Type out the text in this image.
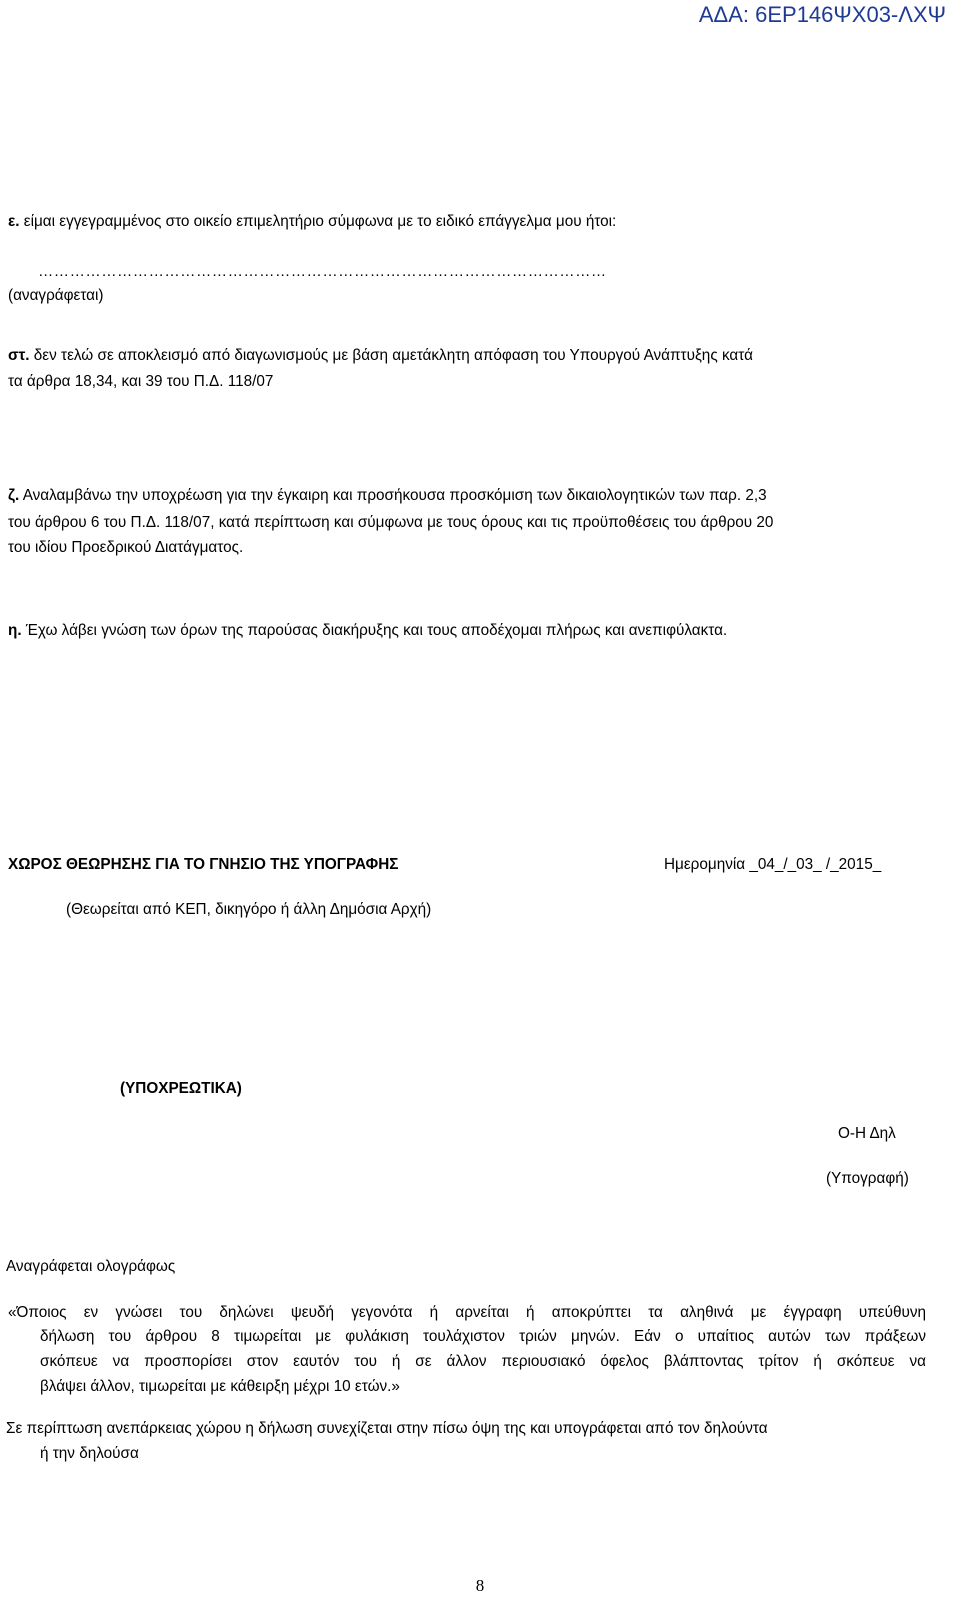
ΑΔΑ: 6ΕΡ146ΨΧ03-ΛΧΨ
ε. είμαι εγγεγραμμένος στο οικείο επιμελητήριο σύμφωνα με το ειδικό επάγγελμα μου ήτοι:
………………………………………………………………………………………………
(αναγράφεται)
στ. δεν τελώ σε αποκλεισμό από διαγωνισμούς με βάση αμετάκλητη απόφαση του Υπουργού Ανάπτυξης κατά
τα άρθρα 18,34, και 39 του Π.Δ. 118/07
ζ. Αναλαμβάνω την υποχρέωση για την έγκαιρη και προσήκουσα προσκόμιση των δικαιολογητικών των παρ. 2,3
του άρθρου 6 του Π.Δ. 118/07, κατά περίπτωση και σύμφωνα με τους όρους και τις προϋποθέσεις του άρθρου 20
του ιδίου Προεδρικού Διατάγματος.
η. Έχω λάβει γνώση των όρων της παρούσας διακήρυξης και τους αποδέχομαι πλήρως και ανεπιφύλακτα.
ΧΩΡΟΣ ΘΕΩΡΗΣΗΣ ΓΙΑ ΤΟ ΓΝΗΣΙΟ ΤΗΣ ΥΠΟΓΡΑΦΗΣ	Ημερομηνία _04_/_03_ /_2015_
(Θεωρείται από ΚΕΠ, δικηγόρο ή άλλη Δημόσια Αρχή)
(ΥΠΟΧΡΕΩΤΙΚΑ)
Ο-Η Δηλ
(Υπογραφή)
Αναγράφεται ολογράφως
«Όποιος εν γνώσει του δηλώνει ψευδή γεγονότα ή αρνείται ή αποκρύπτει τα αληθινά με έγγραφη υπεύθυνη
δήλωση του άρθρου 8 τιμωρείται με φυλάκιση τουλάχιστον τριών μηνών. Εάν ο υπαίτιος αυτών των πράξεων
σκόπευε να προσπορίσει στον εαυτόν του ή σε άλλον περιουσιακό όφελος βλάπτοντας τρίτον ή σκόπευε να
βλάψει άλλον, τιμωρείται με κάθειρξη μέχρι 10 ετών.»
Σε περίπτωση ανεπάρκειας χώρου η δήλωση συνεχίζεται στην πίσω όψη της και υπογράφεται από τον δηλούντα
ή την δηλούσα
8
